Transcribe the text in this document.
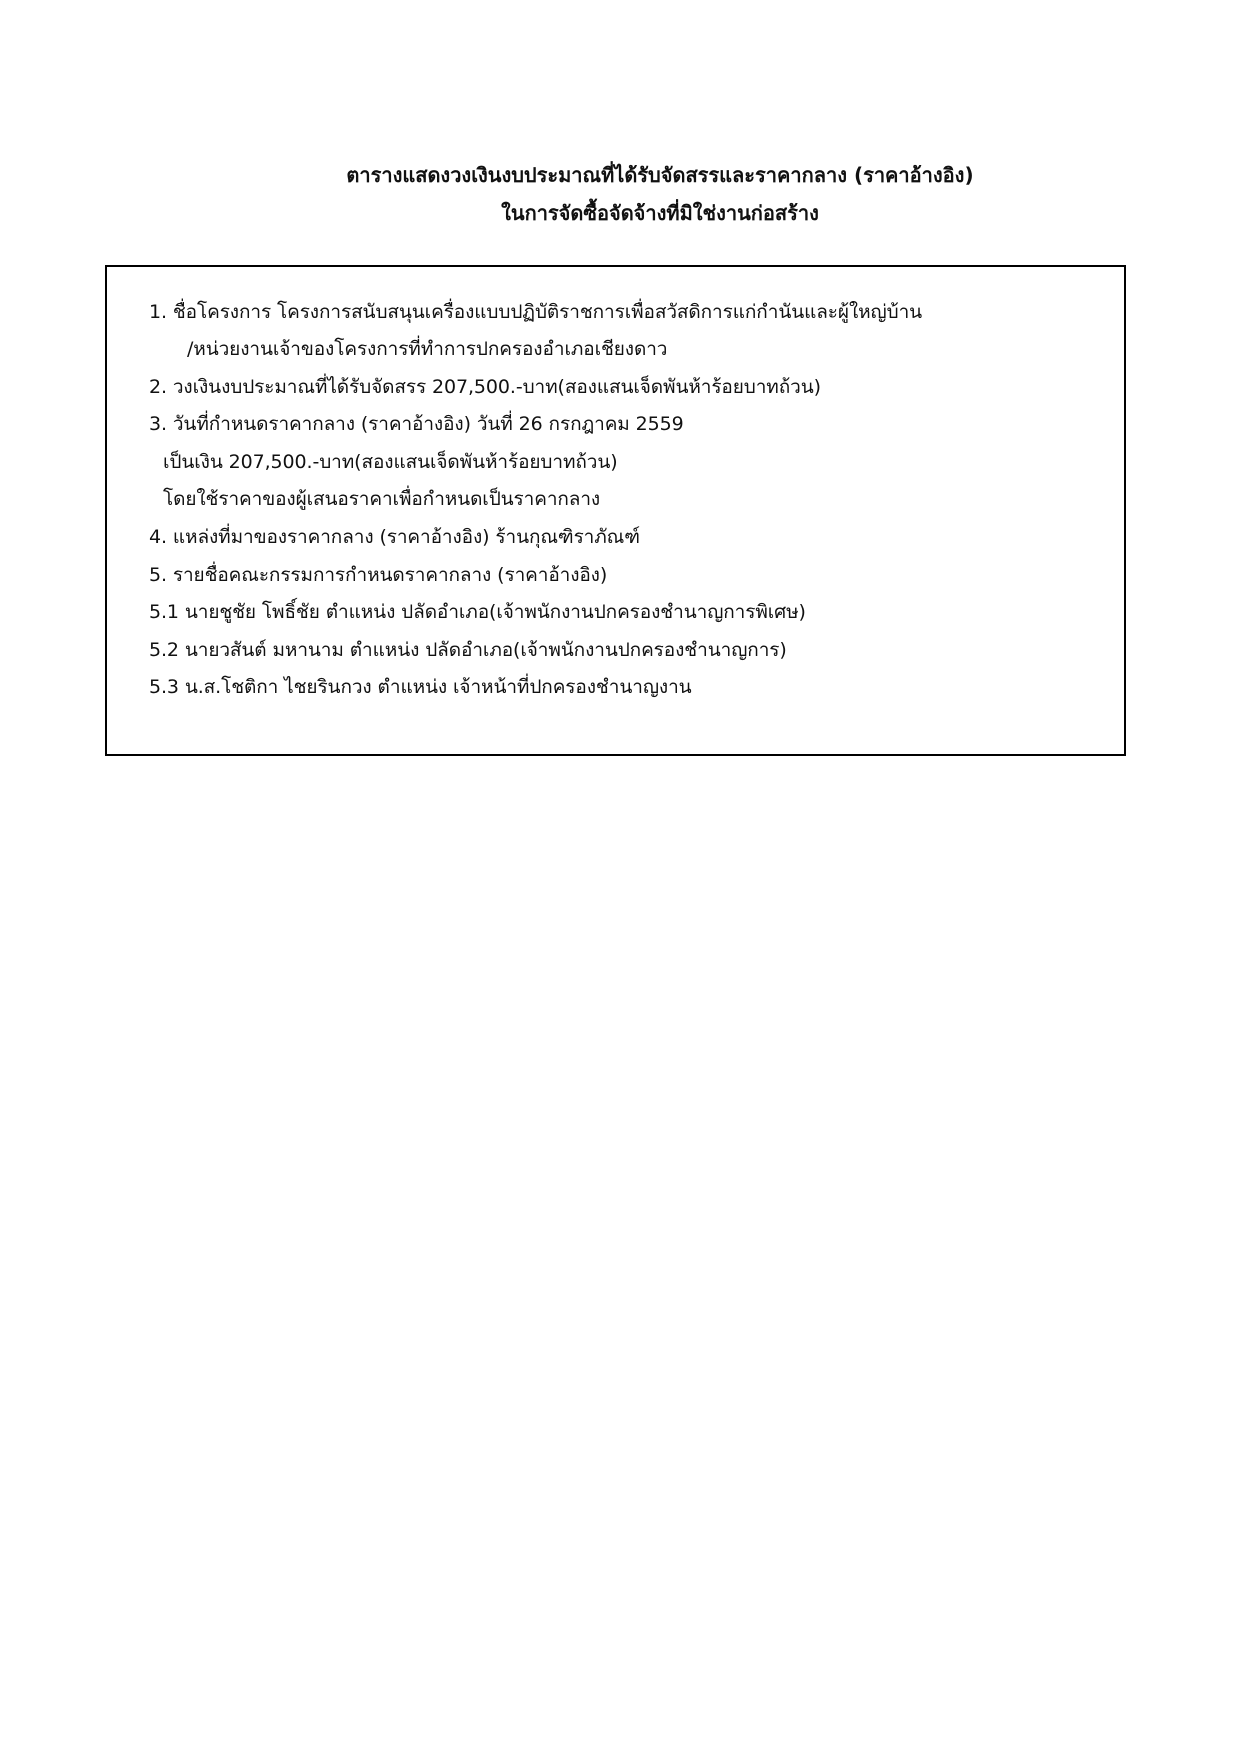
ตารางแสดงวงเงินงบประมาณที่ได้รับจัดสรรและราคากลาง (ราคาอ้างอิง)
ในการจัดซื้อจัดจ้างที่มิใช่งานก่อสร้าง
1. ชื่อโครงการ โครงการสนับสนุนเครื่องแบบปฏิบัติราชการเพื่อสวัสดิการแก่กำนันและผู้ใหญ่บ้าน
/หน่วยงานเจ้าของโครงการที่ทำการปกครองอำเภอเชียงดาว
2. วงเงินงบประมาณที่ได้รับจัดสรร 207,500.-บาท(สองแสนเจ็ดพันห้าร้อยบาทถ้วน)
3. วันที่กำหนดราคากลาง (ราคาอ้างอิง) วันที่ 26 กรกฎาคม 2559
เป็นเงิน 207,500.-บาท(สองแสนเจ็ดพันห้าร้อยบาทถ้วน)
โดยใช้ราคาของผู้เสนอราคาเพื่อกำหนดเป็นราคากลาง
4. แหล่งที่มาของราคากลาง (ราคาอ้างอิง) ร้านกุณฑิราภัณฑ์
5. รายชื่อคณะกรรมการกำหนดราคากลาง (ราคาอ้างอิง)
5.1 นายชูชัย โพธิ์ชัย ตำแหน่ง ปลัดอำเภอ(เจ้าพนักงานปกครองชำนาญการพิเศษ)
5.2 นายวสันต์ มหานาม ตำแหน่ง ปลัดอำเภอ(เจ้าพนักงานปกครองชำนาญการ)
5.3 น.ส.โชติกา ไชยรินกวง ตำแหน่ง เจ้าหน้าที่ปกครองชำนาญงาน
